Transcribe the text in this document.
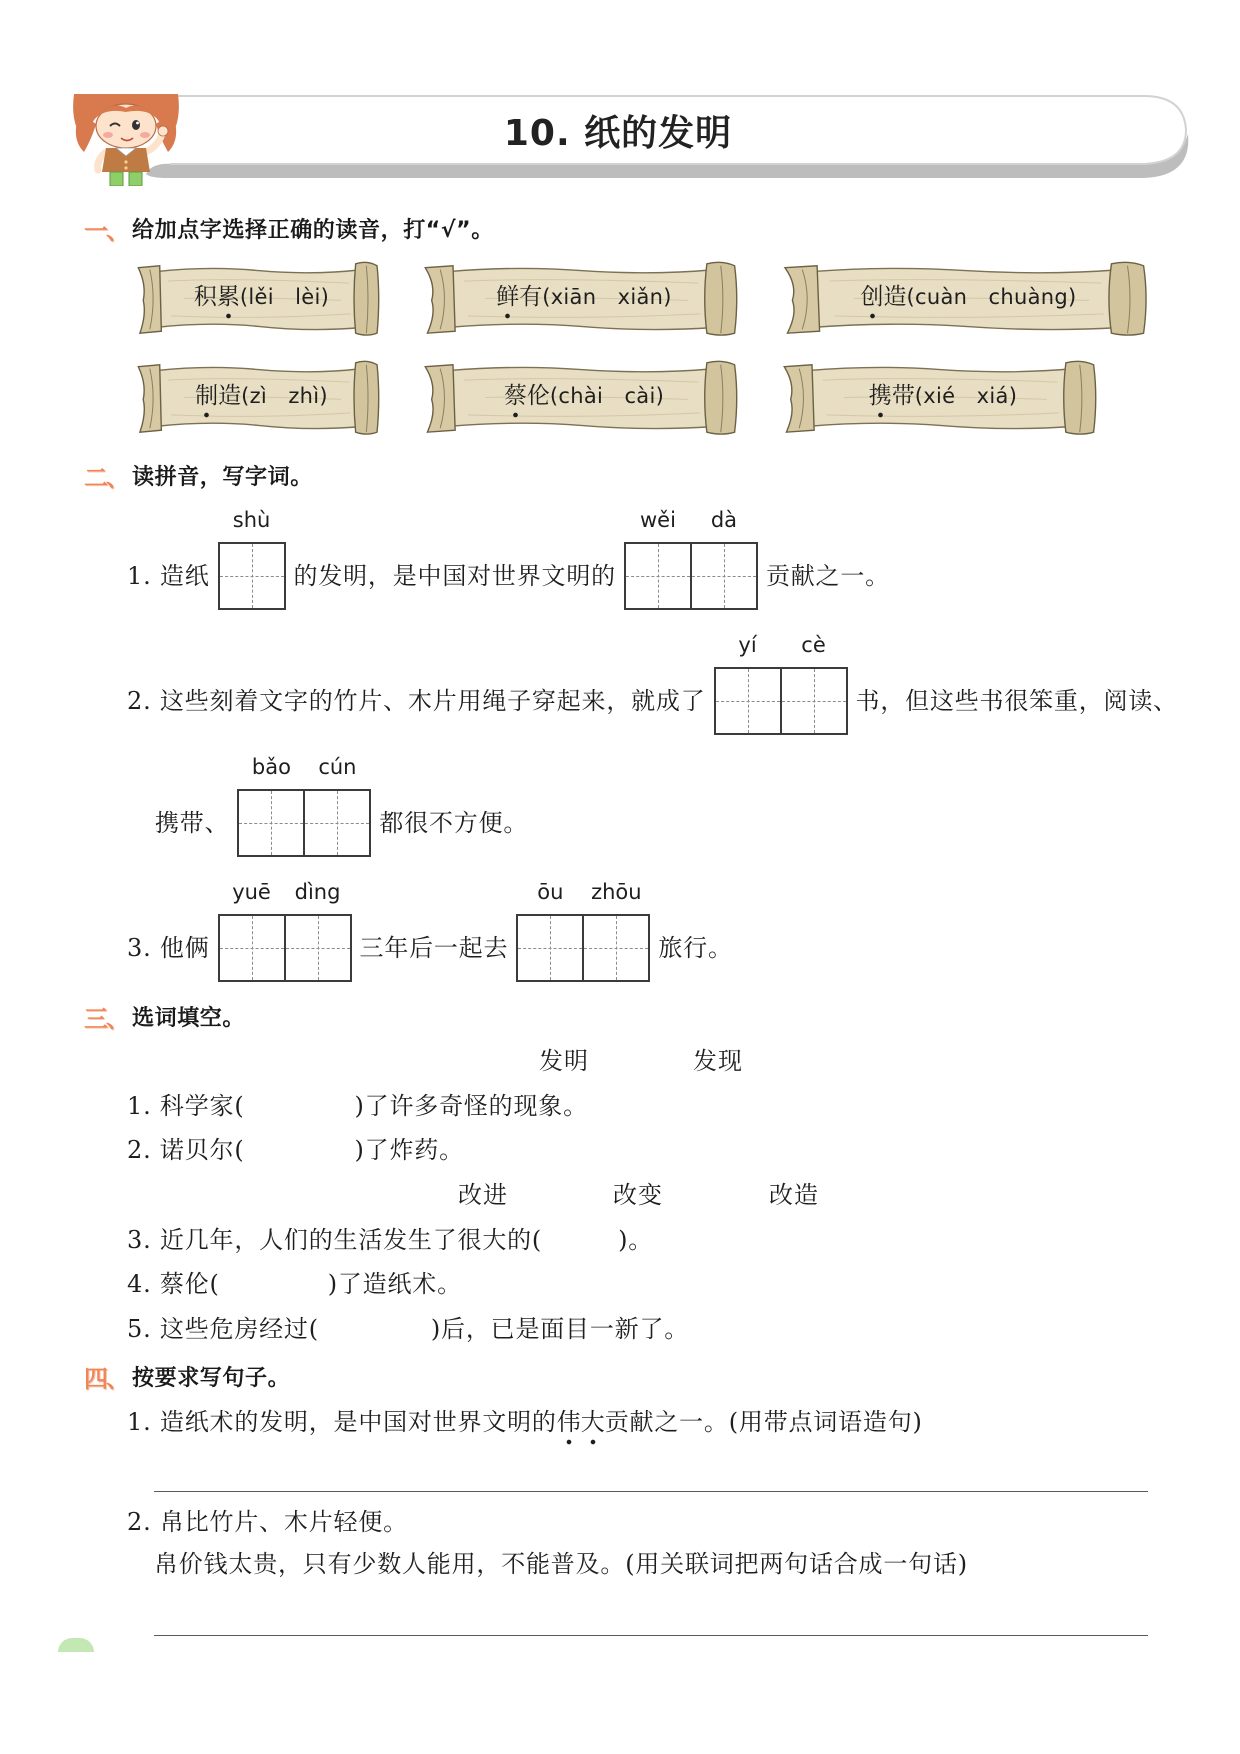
10. 纸的发明
一、 给加点字选择正确的读音，打“√”。
积累(lěi　lèi)	鲜有(xiān　xiǎn)	创造(cuàn　chuàng)
制造(zì　zhì)	蔡伦(chài　cài)	携带(xié　xiá)
二、 读拼音，写字词。
1. 造纸
shù
的发明，是中国对世界文明的
wěi	dà
贡献之一。
2. 这些刻着文字的竹片、木片用绳子穿起来，就成了
yí	cè
书，但这些书很笨重，阅读、
携带、
bǎo	cún
都很不方便。
3. 他俩
yuē	dìng
三年后一起去
ōu	zhōu
旅行。
三、 选词填空。
发明	发现
1. 科学家(	)了许多奇怪的现象。
2. 诺贝尔(	)了炸药。
改进	改变	改造
3. 近几年，人们的生活发生了很大的(	)。
4. 蔡伦(	)了造纸术。
5. 这些危房经过(	)后，已是面目一新了。
四、 按要求写句子。
1. 造纸术的发明，是中国对世界文明的伟大贡献之一。(用带点词语造句)
2. 帛比竹片、木片轻便。
帛价钱太贵，只有少数人能用，不能普及。(用关联词把两句话合成一句话)
